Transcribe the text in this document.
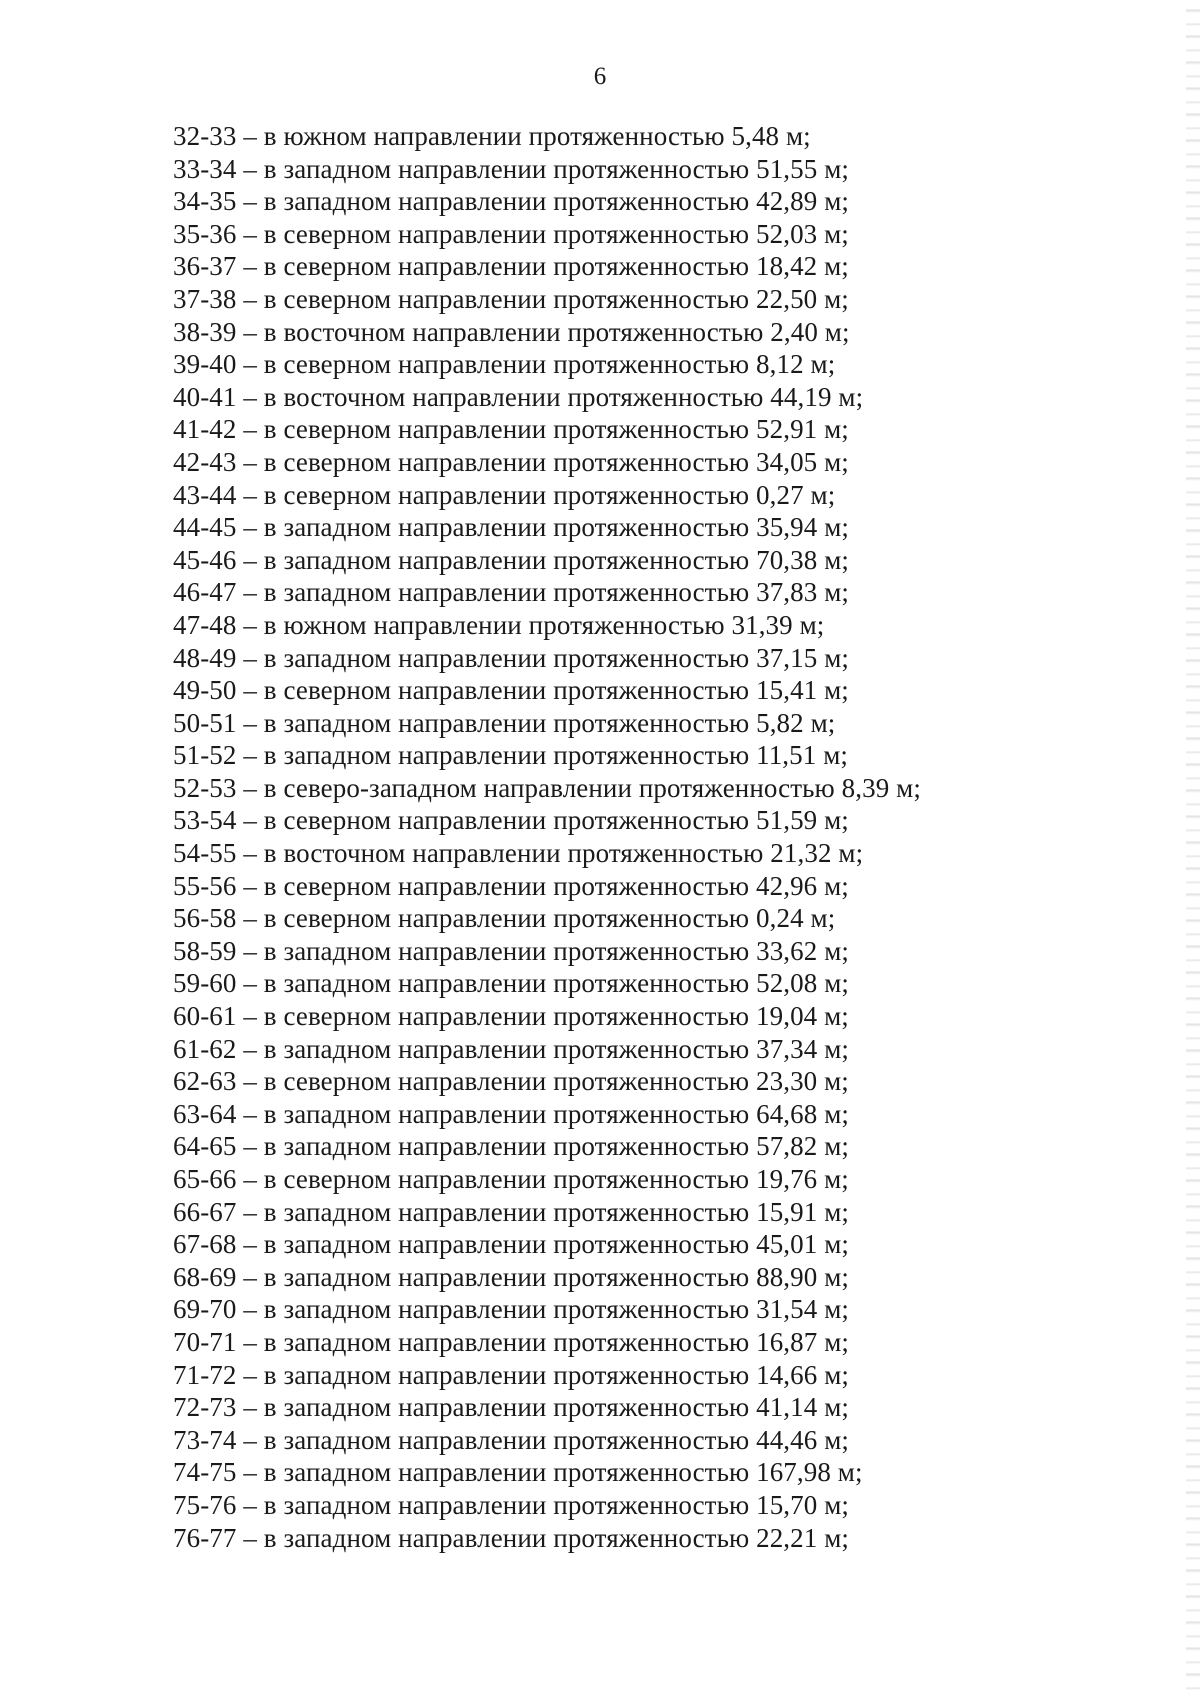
6
32-33 – в южном направлении протяженностью 5,48 м;
33-34 – в западном направлении протяженностью 51,55 м;
34-35 – в западном направлении протяженностью 42,89 м;
35-36 – в северном направлении протяженностью 52,03 м;
36-37 – в северном направлении протяженностью 18,42 м;
37-38 – в северном направлении протяженностью 22,50 м;
38-39 – в восточном направлении протяженностью 2,40 м;
39-40 – в северном направлении протяженностью 8,12 м;
40-41 – в восточном направлении протяженностью 44,19 м;
41-42 – в северном направлении протяженностью 52,91 м;
42-43 – в северном направлении протяженностью 34,05 м;
43-44 – в северном направлении протяженностью 0,27 м;
44-45 – в западном направлении протяженностью 35,94 м;
45-46 – в западном направлении протяженностью 70,38 м;
46-47 – в западном направлении протяженностью 37,83 м;
47-48 – в южном направлении протяженностью 31,39 м;
48-49 – в западном направлении протяженностью 37,15 м;
49-50 – в северном направлении протяженностью 15,41 м;
50-51 – в западном направлении протяженностью 5,82 м;
51-52 – в западном направлении протяженностью 11,51 м;
52-53 – в северо-западном направлении протяженностью 8,39 м;
53-54 – в северном направлении протяженностью 51,59 м;
54-55 – в восточном направлении протяженностью 21,32 м;
55-56 – в северном направлении протяженностью 42,96 м;
56-58 – в северном направлении протяженностью 0,24 м;
58-59 – в западном направлении протяженностью 33,62 м;
59-60 – в западном направлении протяженностью 52,08 м;
60-61 – в северном направлении протяженностью 19,04 м;
61-62 – в западном направлении протяженностью 37,34 м;
62-63 – в северном направлении протяженностью 23,30 м;
63-64 – в западном направлении протяженностью 64,68 м;
64-65 – в западном направлении протяженностью 57,82 м;
65-66 – в северном направлении протяженностью 19,76 м;
66-67 – в западном направлении протяженностью 15,91 м;
67-68 – в западном направлении протяженностью 45,01 м;
68-69 – в западном направлении протяженностью 88,90 м;
69-70 – в западном направлении протяженностью 31,54 м;
70-71 – в западном направлении протяженностью 16,87 м;
71-72 – в западном направлении протяженностью 14,66 м;
72-73 – в западном направлении протяженностью 41,14 м;
73-74 – в западном направлении протяженностью 44,46 м;
74-75 – в западном направлении протяженностью 167,98 м;
75-76 – в западном направлении протяженностью 15,70 м;
76-77 – в западном направлении протяженностью 22,21 м;
